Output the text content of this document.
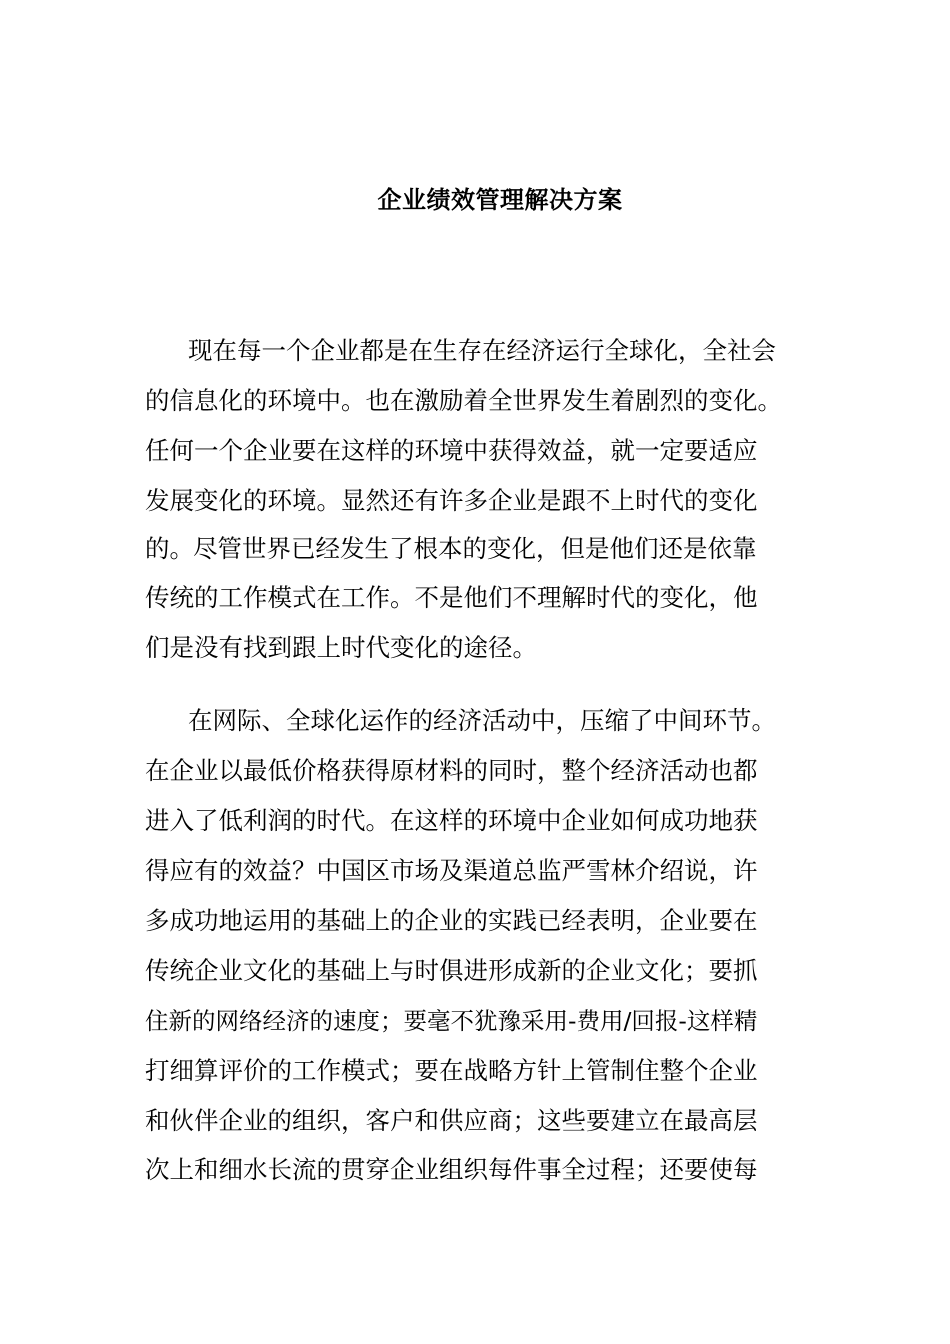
企业绩效管理解决方案
现在每一个企业都是在生存在经济运行全球化，全社会
的信息化的环境中。也在激励着全世界发生着剧烈的变化。
任何一个企业要在这样的环境中获得效益，就一定要适应
发展变化的环境。显然还有许多企业是跟不上时代的变化
的。 尽管世界已经发生了根本的变化，但是他们还是依靠
传统的工作模式在工作。不是他们不理解时代的变化，他
们是没有找到跟上时代变化的途径。
在网际、全球化运作的经济活动中，压缩了中间环节。
在企业以最低价格获得原材料的同时，整个经济活动也都
进入了低利润的时代。在这样的环境中企业如何成功地获
得应有的效益？中国区市场及渠道总监严雪林介绍说，许
多成功地运用的基础上的企业的实践已经表明，企业要在
传统企业文化的基础上与时俱进形成新的企业文化；要抓
住新的网络经济的速度；要毫不犹豫采用-费用/回报-这样精
打细算评价的工作模式；要在战略方针上管制住整个企业
和伙伴企业的组织，客户和供应商；这些要建立在最高层
次上和细水长流的贯穿企业组织每件事全过程；还要使每
